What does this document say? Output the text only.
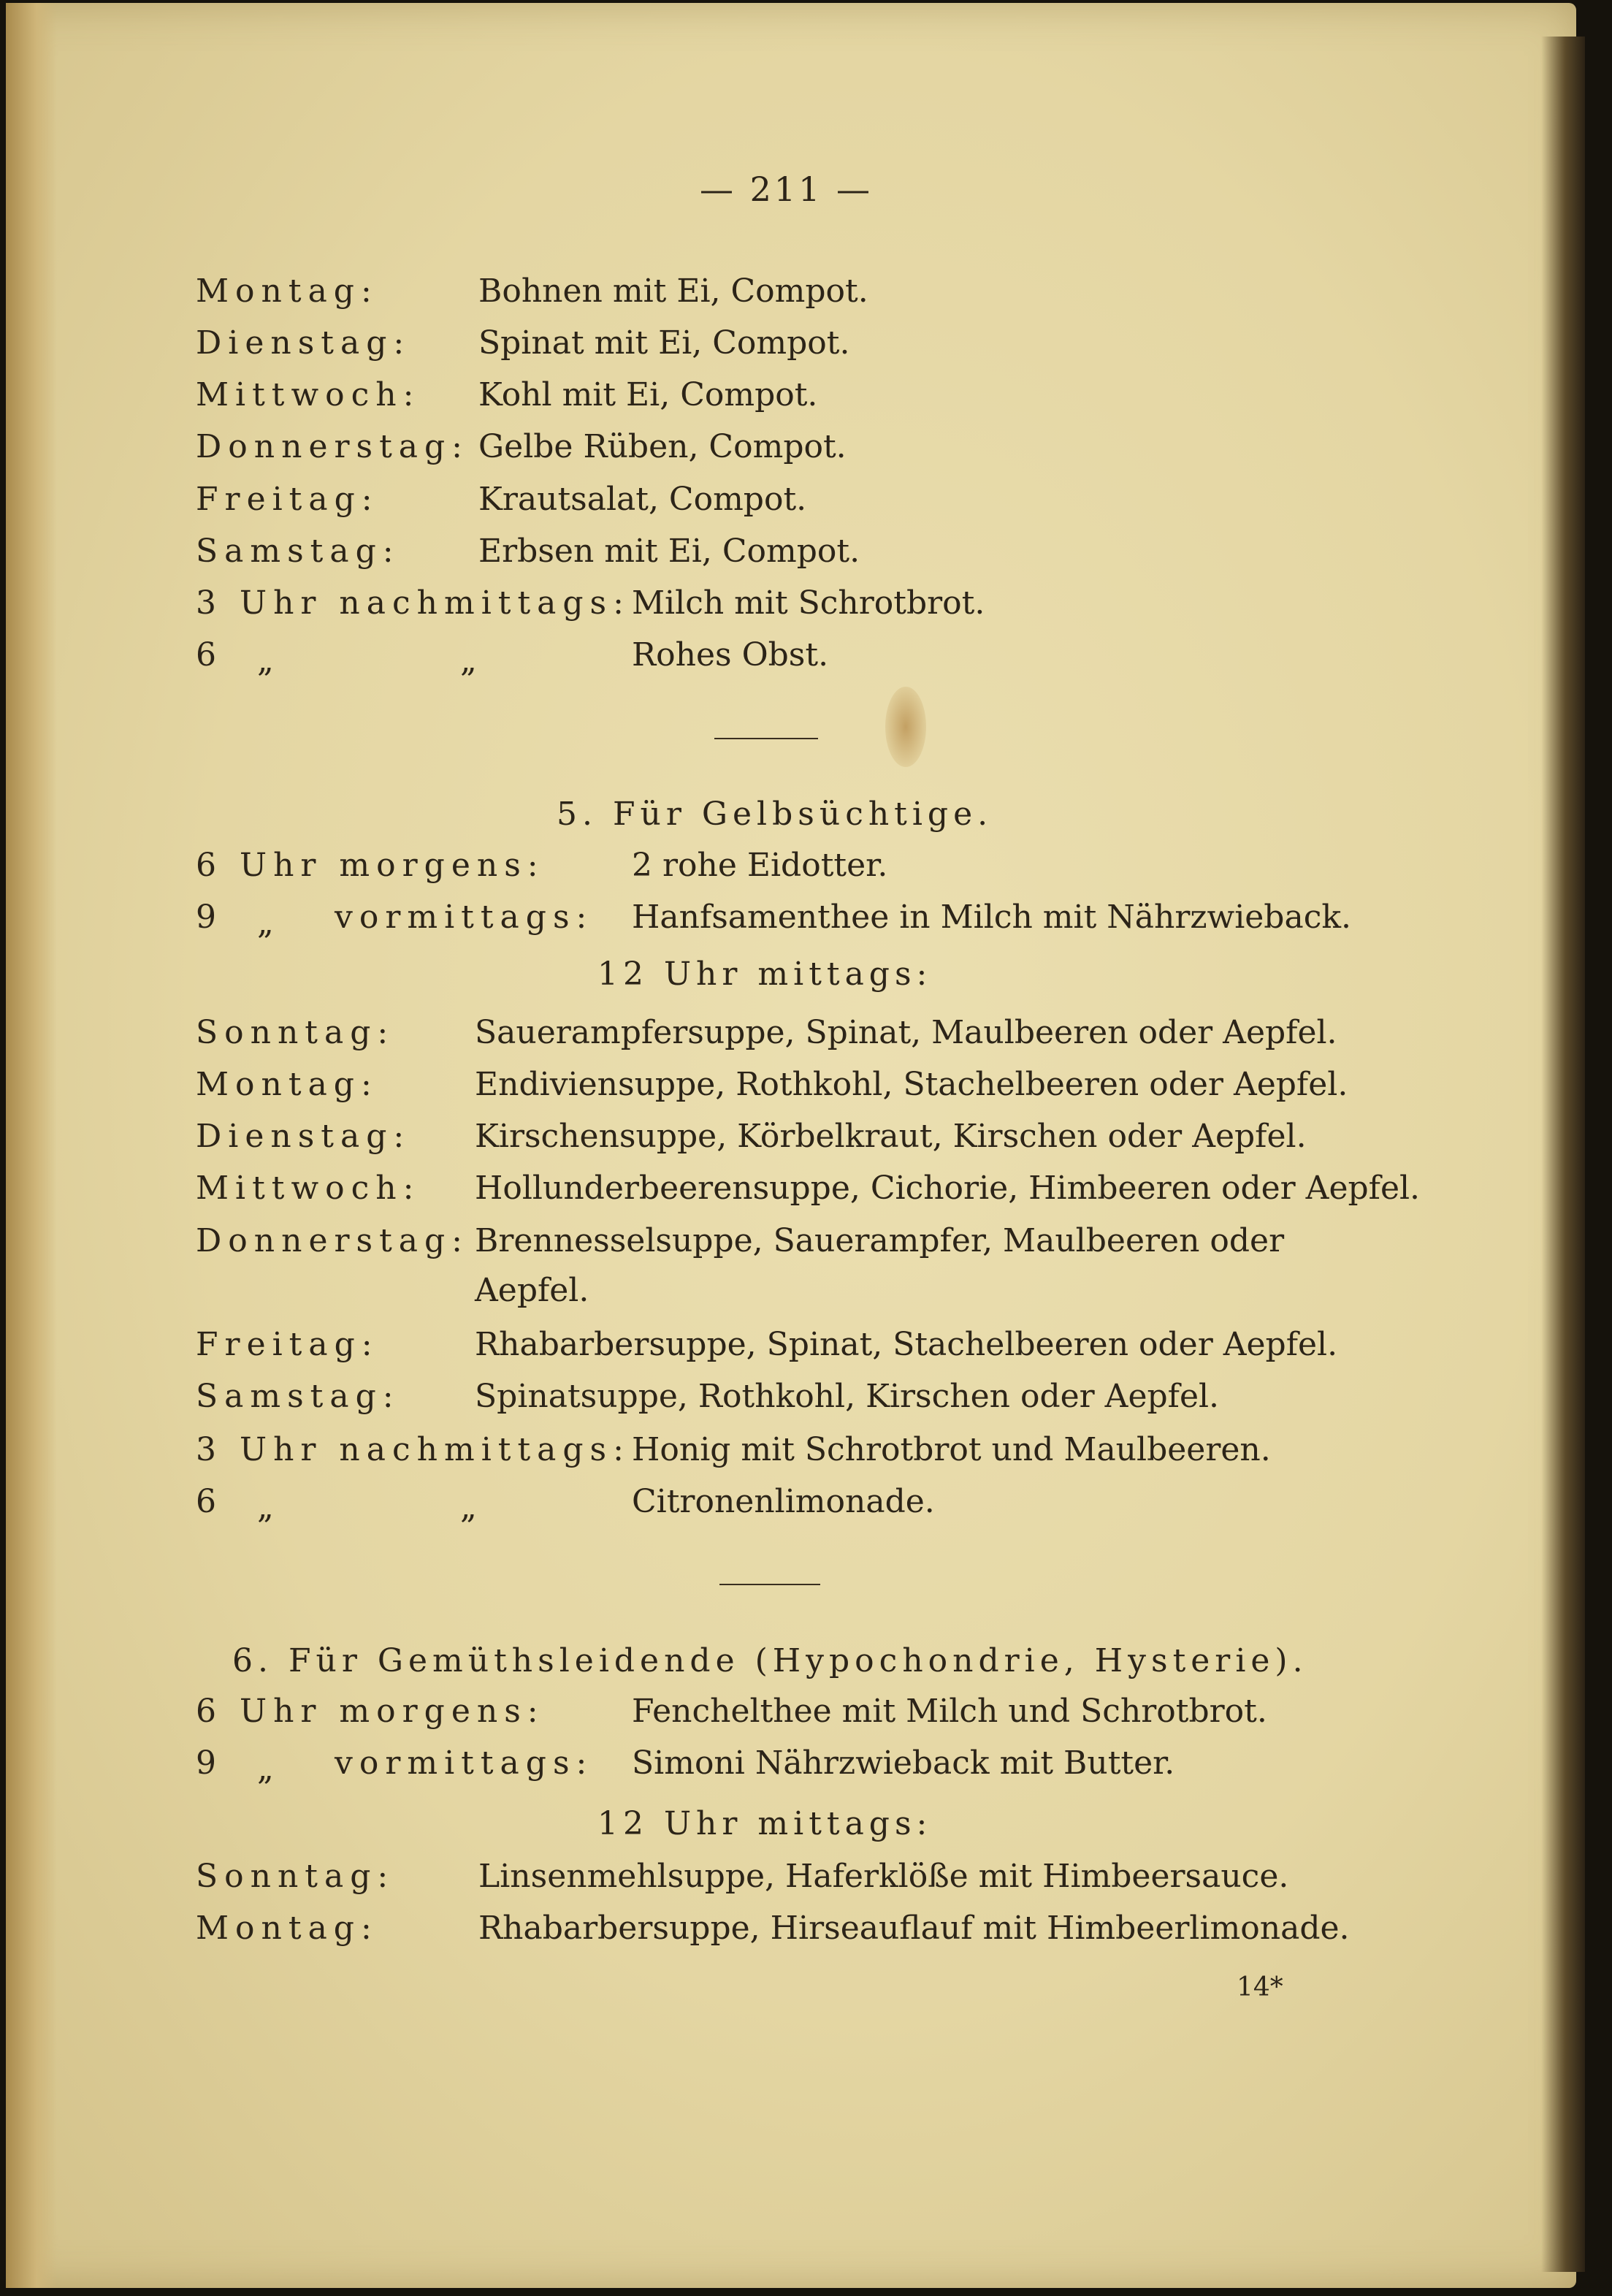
— 211 —
Montag:	Bohnen mit Ei, Compot.
Dienstag: Spinat mit Ei, Compot.
Mittwoch: Kohl mit Ei, Compot.
Donnerstag: Gelbe Rüben, Compot.
Freitag:	Krautsalat, Compot.
Samstag: Erbsen mit Ei, Compot.
3 Uhr nachmittags: Milch mit Schrotbrot.
6 „	„	Rohes Obst.
5. Für Gelbsüchtige.
6 Uhr morgens:	2 rohe Eidotter.
9 „ vormittags: Hanfsamenthee in Milch mit Nährzwieback.
12 Uhr mittags:
Sonntag: Sauerampfersuppe, Spinat, Maulbeeren oder Aepfel.
Montag:	Endiviensuppe, Rothkohl, Stachelbeeren oder Aepfel.
Dienstag: Kirschensuppe, Körbelkraut, Kirschen oder Aepfel.
Mittwoch: Hollunderbeerensuppe, Cichorie, Himbeeren oder Aepfel.
Donnerstag: Brennesselsuppe, Sauerampfer, Maulbeeren oder
Aepfel.
Freitag:	Rhabarbersuppe, Spinat, Stachelbeeren oder Aepfel.
Samstag: Spinatsuppe, Rothkohl, Kirschen oder Aepfel.
3 Uhr nachmittags: Honig mit Schrotbrot und Maulbeeren.
6 „	„	Citronenlimonade.
6. Für Gemüthsleidende (Hypochondrie, Hysterie).
6 Uhr morgens:	Fenchelthee mit Milch und Schrotbrot.
9 „ vormittags: Simoni Nährzwieback mit Butter.
12 Uhr mittags:
Sonntag:	Linsenmehlsuppe, Haferklöße mit Himbeersauce.
Montag:	Rhabarbersuppe, Hirseauflauf mit Himbeerlimonade.
14*
